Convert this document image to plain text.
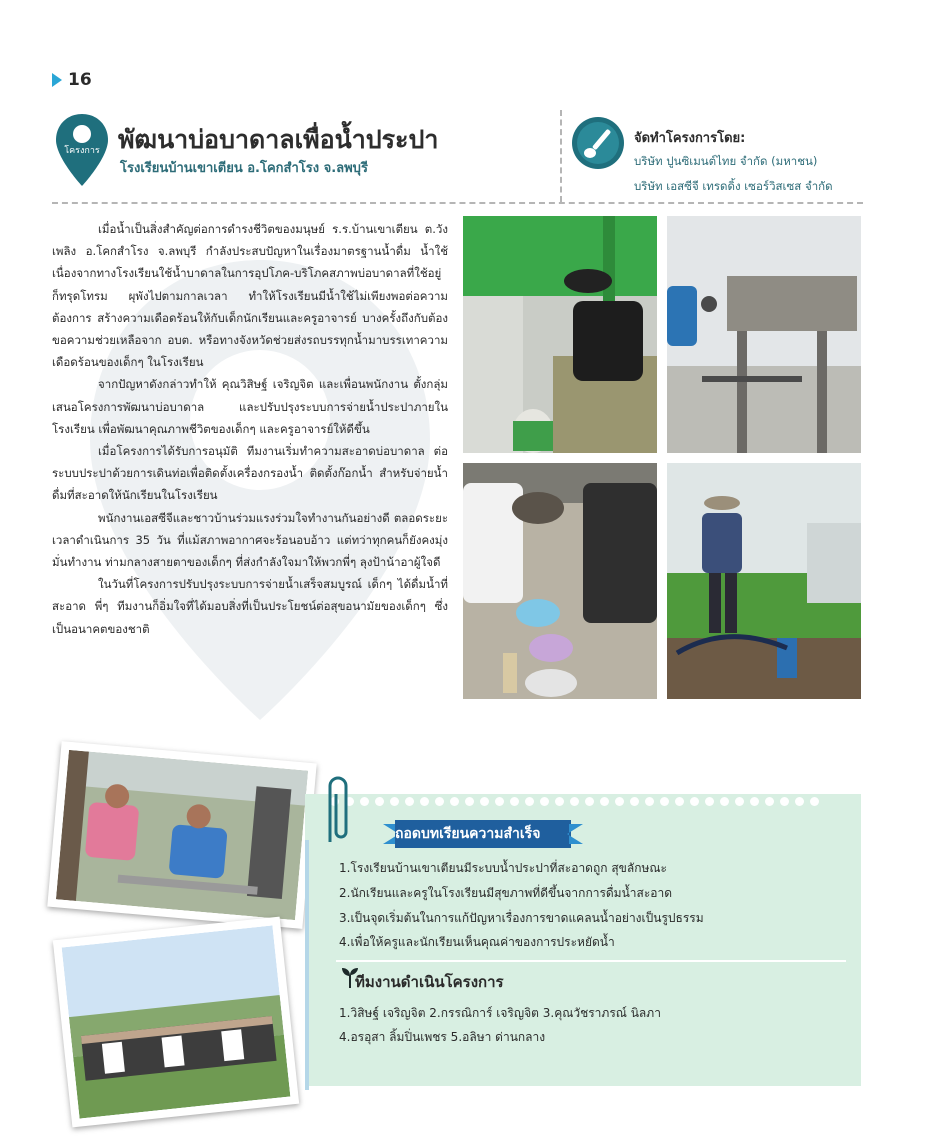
16
โครงการ พัฒนาบ่อบาดาลเพื่อน้ำประปา
โรงเรียนบ้านเขาเตียน อ.โคกสำโรง จ.ลพบุรี
จัดทำโครงการโดย:
บริษัท ปูนซิเมนต์ไทย จำกัด (มหาชน)
บริษัท เอสซีจี เทรดดิ้ง เซอร์วิสเซส จำกัด

เมื่อน้ำเป็นสิ่งสำคัญต่อการดำรงชีวิตของมนุษย์ ร.ร.บ้านเขาเตียน ต.วังเพลิง อ.โคกสำโรง จ.ลพบุรี กำลังประสบปัญหาในเรื่องมาตรฐานน้ำดื่ม น้ำใช้ เนื่องจากทางโรงเรียนใช้น้ำบาดาลในการอุปโภค-บริโภคสภาพบ่อบาดาลที่ใช้อยู่ก็ทรุดโทรม ผุพังไปตามกาลเวลา ทำให้โรงเรียนมีน้ำใช้ไม่เพียงพอต่อความต้องการ สร้างความเดือดร้อนให้กับเด็กนักเรียนและครูอาจารย์ บางครั้งถึงกับต้องขอความช่วยเหลือจาก อบต. หรือทางจังหวัดช่วยส่งรถบรรทุกน้ำมาบรรเทาความเดือดร้อนของเด็กๆ ในโรงเรียน

จากปัญหาดังกล่าวทำให้ คุณวิสิษฐ์ เจริญจิต และเพื่อนพนักงาน ตั้งกลุ่มเสนอโครงการพัฒนาบ่อบาดาล และปรับปรุงระบบการจ่ายน้ำประปาภายในโรงเรียน เพื่อพัฒนาคุณภาพชีวิตของเด็กๆ และครูอาจารย์ให้ดีขึ้น

เมื่อโครงการได้รับการอนุมัติ ทีมงานเริ่มทำความสะอาดบ่อบาดาล ต่อระบบประปาด้วยการเดินท่อเพื่อติดตั้งเครื่องกรองน้ำ ติดตั้งก๊อกน้ำ สำหรับจ่ายน้ำดื่มที่สะอาดให้นักเรียนในโรงเรียน

พนักงานเอสซีจีและชาวบ้านร่วมแรงร่วมใจทำงานกันอย่างดี ตลอดระยะเวลาดำเนินการ 35 วัน ที่แม้สภาพอากาศจะร้อนอบอ้าว แต่ทว่าทุกคนก็ยังคงมุ่งมั่นทำงาน ท่ามกลางสายตาของเด็กๆ ที่ส่งกำลังใจมาให้พวกพี่ๆ ลุงป้าน้าอาผู้ใจดี

ในวันที่โครงการปรับปรุงระบบการจ่ายน้ำเสร็จสมบูรณ์ เด็กๆ ได้ดื่มน้ำที่สะอาด พี่ๆ ทีมงานก็อิ่มใจที่ได้มอบสิ่งที่เป็นประโยชน์ต่อสุขอนามัยของเด็กๆ ซึ่งเป็นอนาคตของชาติ

ถอดบทเรียนความสำเร็จ
1.โรงเรียนบ้านเขาเตียนมีระบบน้ำประปาที่สะอาดถูก สุขลักษณะ
2.นักเรียนและครูในโรงเรียนมีสุขภาพที่ดีขึ้นจากการดื่มน้ำสะอาด
3.เป็นจุดเริ่มต้นในการแก้ปัญหาเรื่องการขาดแคลนน้ำอย่างเป็นรูปธรรม
4.เพื่อให้ครูและนักเรียนเห็นคุณค่าของการประหยัดน้ำ
ทีมงานดำเนินโครงการ
1.วิสิษฐ์ เจริญจิต 2.กรรณิการ์ เจริญจิต 3.คุณวัชราภรณ์ นิลภา
4.อรอุสา ลิ้มปิ่นเพชร 5.อลิษา ด่านกลาง
